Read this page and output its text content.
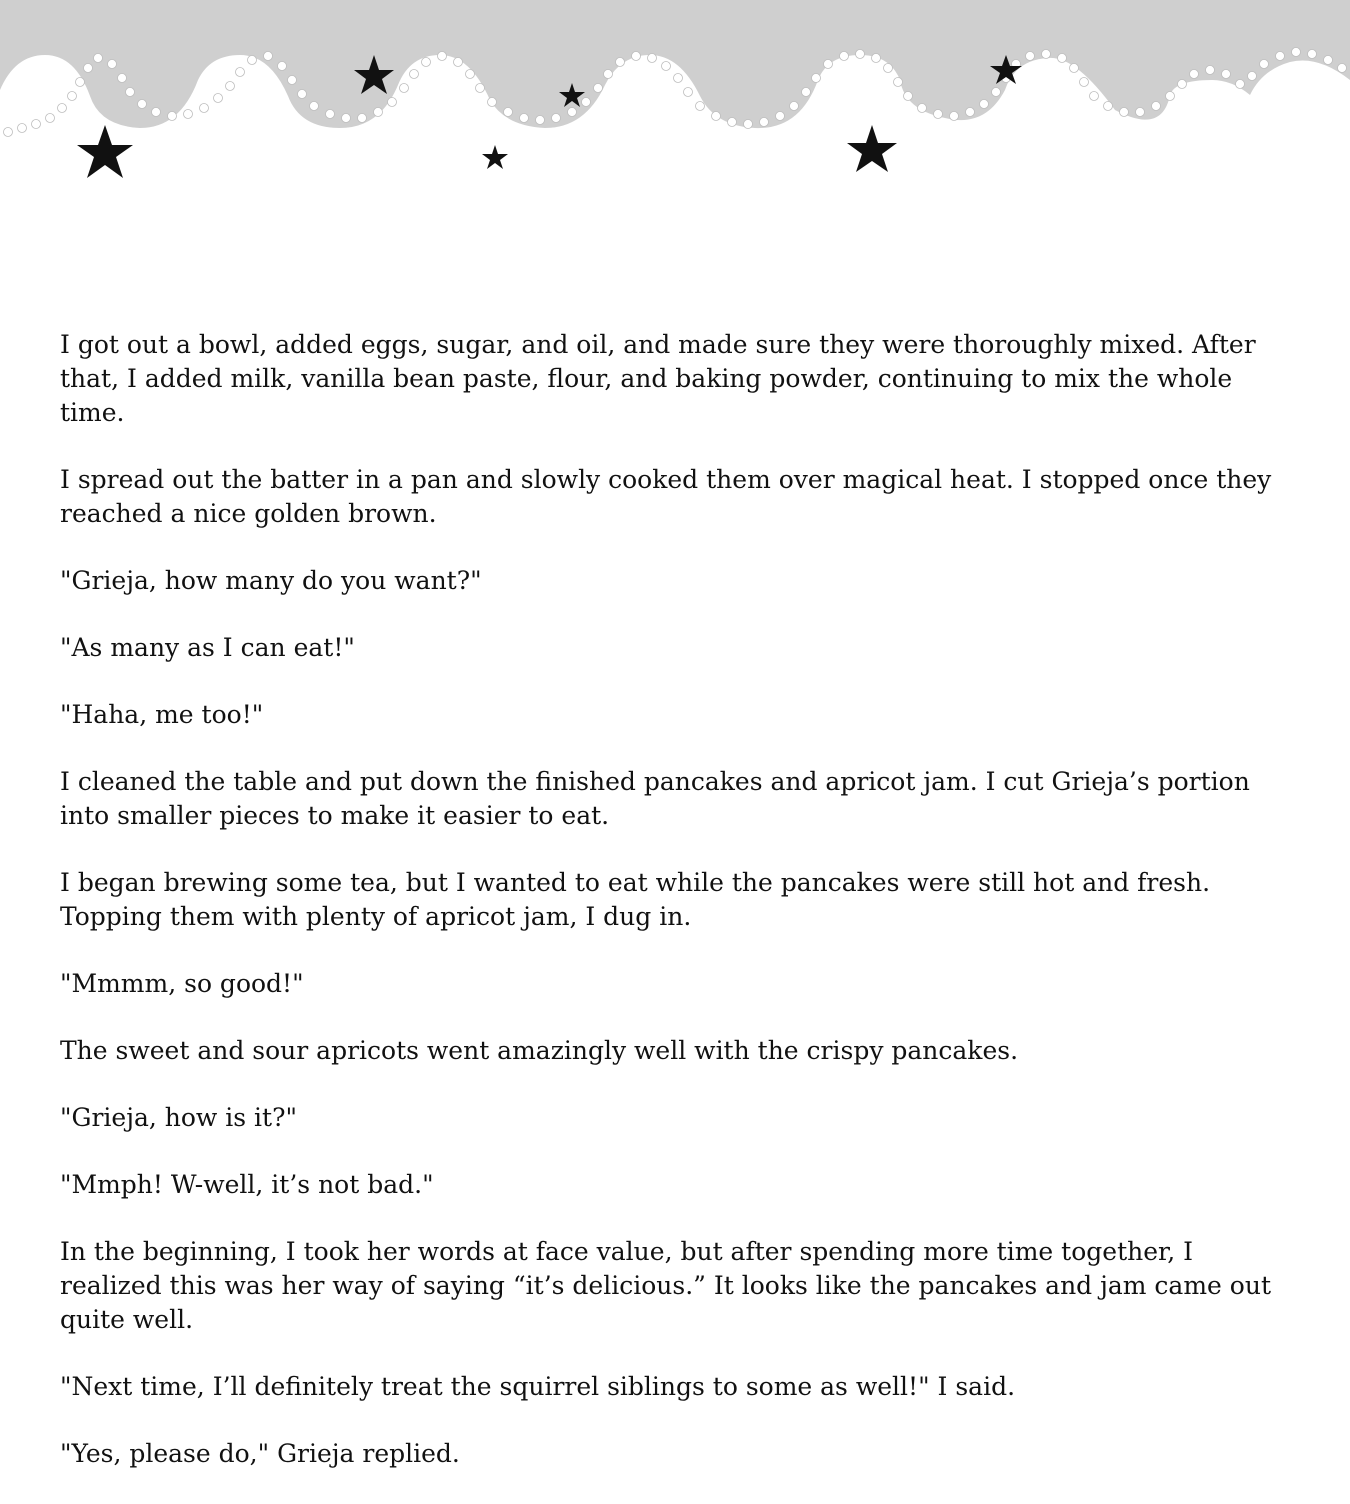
I got out a bowl, added eggs, sugar, and oil, and made sure they were thoroughly mixed. After that, I added milk, vanilla bean paste, flour, and baking powder, continuing to mix the whole time.

I spread out the batter in a pan and slowly cooked them over magical heat. I stopped once they reached a nice golden brown.

"Grieja, how many do you want?"

"As many as I can eat!"

"Haha, me too!"

I cleaned the table and put down the finished pancakes and apricot jam. I cut Grieja’s portion into smaller pieces to make it easier to eat.

I began brewing some tea, but I wanted to eat while the pancakes were still hot and fresh. Topping them with plenty of apricot jam, I dug in.

"Mmmm, so good!"

The sweet and sour apricots went amazingly well with the crispy pancakes.

"Grieja, how is it?"

"Mmph! W-well, it’s not bad."

In the beginning, I took her words at face value, but after spending more time together, I realized this was her way of saying “it’s delicious.” It looks like the pancakes and jam came out quite well.

"Next time, I’ll definitely treat the squirrel siblings to some as well!" I said.

"Yes, please do," Grieja replied.
